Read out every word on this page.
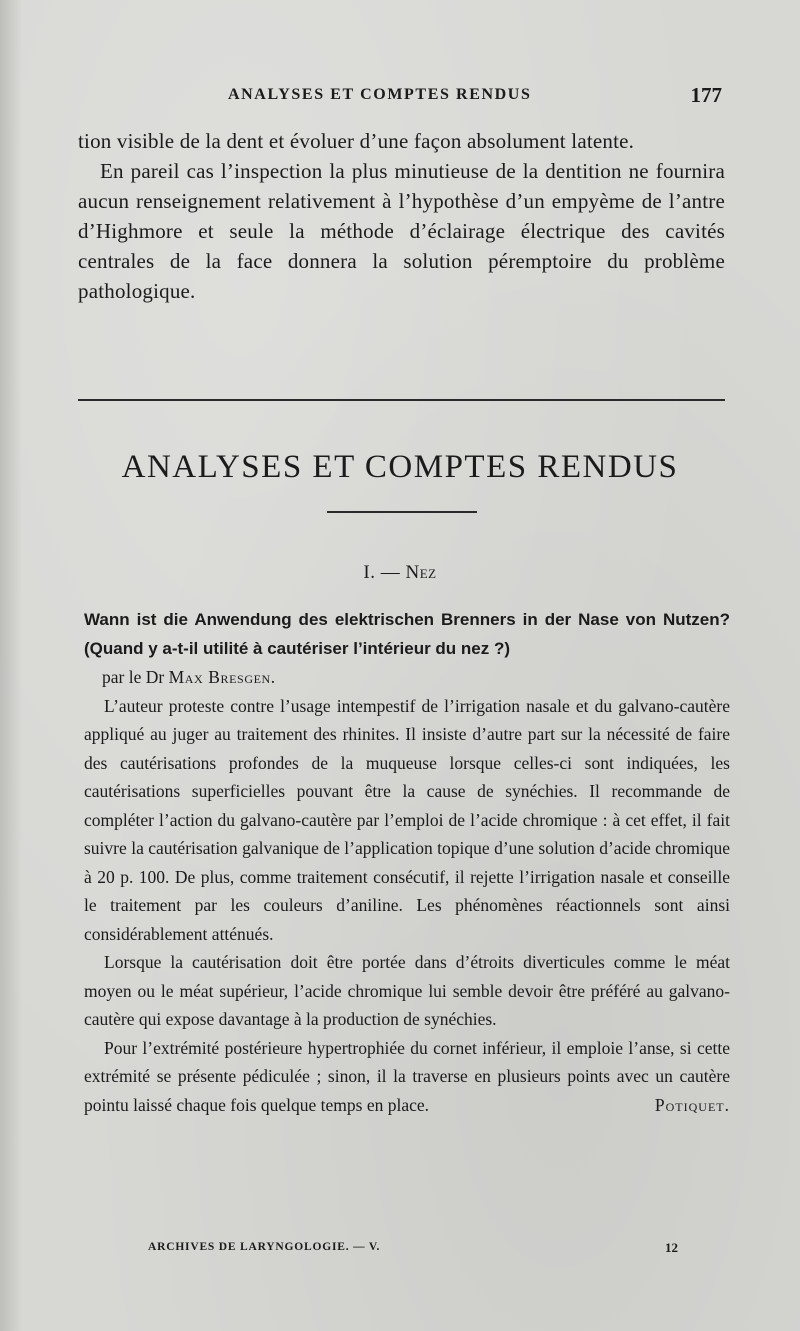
ANALYSES ET COMPTES RENDUS	177

tion visible de la dent et évoluer d’une façon absolument latente.

En pareil cas l’inspection la plus minutieuse de la dentition ne fournira aucun renseignement relativement à l’hypothèse d’un empyème de l’antre d’Highmore et seule la méthode d’éclairage électrique des cavités centrales de la face donnera la solution péremptoire du problème pathologique.

ANALYSES ET COMPTES RENDUS
I. — Nez

Wann ist die Anwendung des elektrischen Brenners in der Nase von Nutzen? (Quand y a-t-il utilité à cautériser l’intérieur du nez ?)

par le Dr Max Bresgen.

L’auteur proteste contre l’usage intempestif de l’irrigation nasale et du galvano-cautère appliqué au juger au traitement des rhinites. Il insiste d’autre part sur la nécessité de faire des cautérisations profondes de la muqueuse lorsque celles-ci sont indiquées, les cautérisations superficielles pouvant être la cause de synéchies. Il recommande de compléter l’action du galvano-cautère par l’emploi de l’acide chromique : à cet effet, il fait suivre la cautérisation galvanique de l’application topique d’une solution d’acide chromique à 20 p. 100. De plus, comme traitement consécutif, il rejette l’irrigation nasale et conseille le traitement par les couleurs d’aniline. Les phénomènes réactionnels sont ainsi considérablement atténués.

Lorsque la cautérisation doit être portée dans d’étroits diverticules comme le méat moyen ou le méat supérieur, l’acide chromique lui semble devoir être préféré au galvano-cautère qui expose davantage à la production de synéchies.

Pour l’extrémité postérieure hypertrophiée du cornet inférieur, il emploie l’anse, si cette extrémité se présente pédiculée ; sinon, il la traverse en plusieurs points avec un cautère pointu laissé chaque fois quelque temps en place.	Potiquet.

ARCHIVES DE LARYNGOLOGIE. — V.	12
